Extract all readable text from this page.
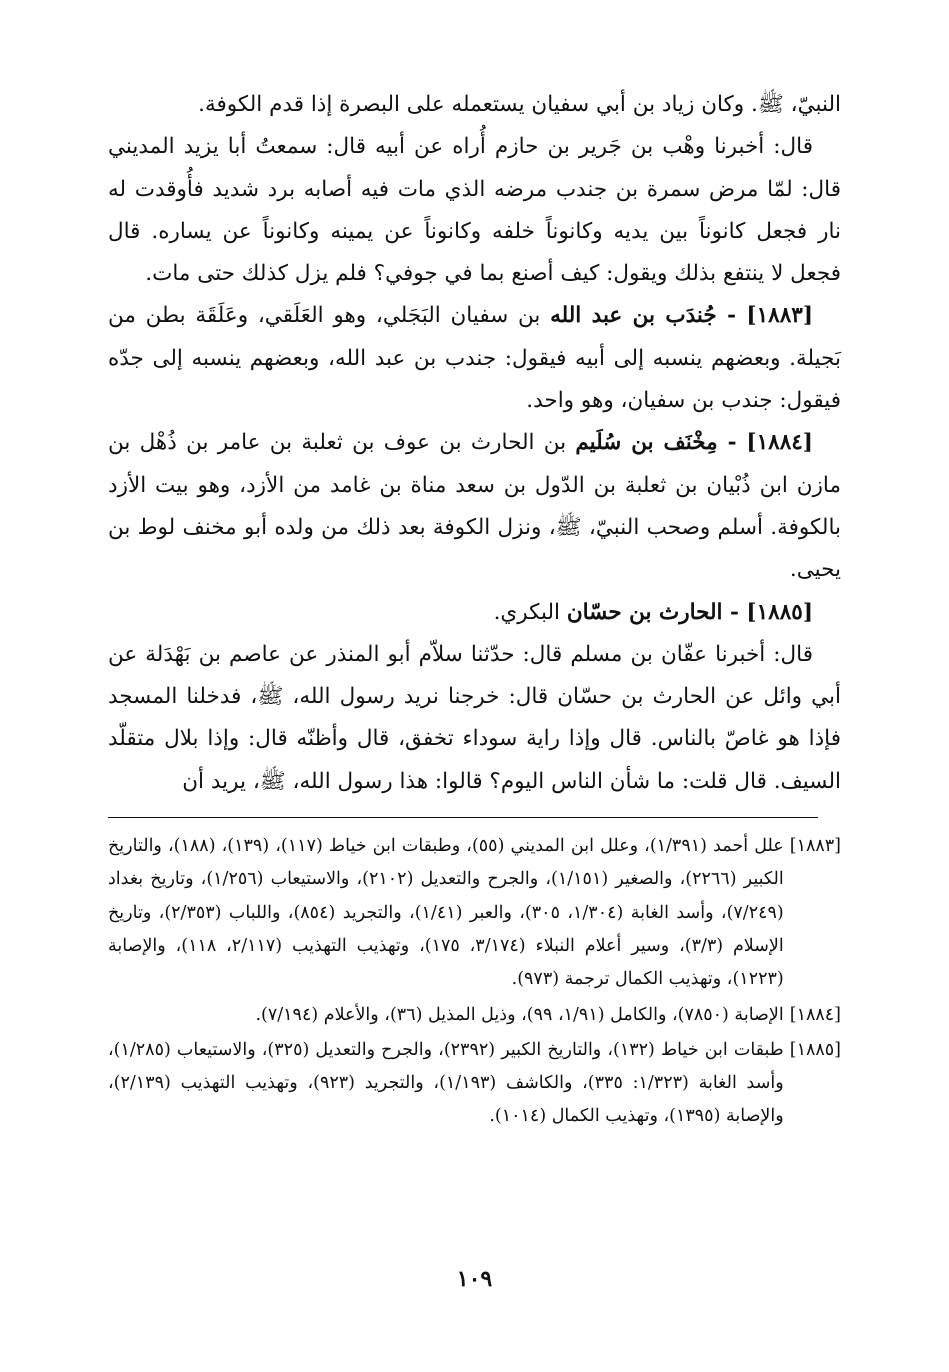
النبيّ، ﷺ. وكان زياد بن أبي سفيان يستعمله على البصرة إذا قدم الكوفة.

قال: أخبرنا وهْب بن جَرير بن حازم أُراه عن أبيه قال: سمعتُ أبا يزيد المديني قال: لمّا مرض سمرة بن جندب مرضه الذي مات فيه أصابه برد شديد فأُوقدت له نار فجعل كانوناً بين يديه وكانوناً خلفه وكانوناً عن يمينه وكانوناً عن يساره. قال فجعل لا ينتفع بذلك ويقول: كيف أصنع بما في جوفي؟ فلم يزل كذلك حتى مات.

[١٨٨٣] - جُندَب بن عبد الله بن سفيان البَجَلي، وهو العَلَقي، وعَلَقَة بطن من بَجيلة. وبعضهم ينسبه إلى أبيه فيقول: جندب بن عبد الله، وبعضهم ينسبه إلى جدّه فيقول: جندب بن سفيان، وهو واحد.

[١٨٨٤] - مِخْنَف بن سُلَيم بن الحارث بن عوف بن ثعلبة بن عامر بن ذُهْل بن مازن ابن ذُبْيان بن ثعلبة بن الدّول بن سعد مناة بن غامد من الأزد، وهو بيت الأزد بالكوفة. أسلم وصحب النبيّ، ﷺ، ونزل الكوفة بعد ذلك من ولده أبو مخنف لوط بن يحيى.

[١٨٨٥] - الحارث بن حسّان البكري.

قال: أخبرنا عفّان بن مسلم قال: حدّثنا سلاّم أبو المنذر عن عاصم بن بَهْدَلة عن أبي وائل عن الحارث بن حسّان قال: خرجنا نريد رسول الله، ﷺ، فدخلنا المسجد فإذا هو غاصّ بالناس. قال وإذا راية سوداء تخفق، قال وأظنّه قال: وإذا بلال متقلّد السيف. قال قلت: ما شأن الناس اليوم؟ قالوا: هذا رسول الله، ﷺ، يريد أن

[١٨٨٣]
علل أحمد (١/٣٩١)، وعلل ابن المديني (٥٥)، وطبقات ابن خياط (١١٧)، (١٣٩)، (١٨٨)، والتاريخ الكبير (٢٢٦٦)، والصغير (١/١٥١)، والجرح والتعديل (٢١٠٢)، والاستيعاب (١/٢٥٦)، وتاريخ بغداد (٧/٢٤٩)، وأسد الغابة (١/٣٠٤، ٣٠٥)، والعبر (١/٤١)، والتجريد (٨٥٤)، واللباب (٢/٣٥٣)، وتاريخ الإسلام (٣/٣)، وسير أعلام النبلاء (٣/١٧٤، ١٧٥)، وتهذيب التهذيب (٢/١١٧، ١١٨)، والإصابة (١٢٢٣)، وتهذيب الكمال ترجمة (٩٧٣).
[١٨٨٤]
الإصابة (٧٨٥٠)، والكامل (١/٩١، ٩٩)، وذيل المذيل (٣٦)، والأعلام (٧/١٩٤).
[١٨٨٥]
طبقات ابن خياط (١٣٢)، والتاريخ الكبير (٢٣٩٢)، والجرح والتعديل (٣٢٥)، والاستيعاب (١/٢٨٥)، وأسد الغابة (١/٣٢٣: ٣٣٥)، والكاشف (١/١٩٣)، والتجريد (٩٢٣)، وتهذيب التهذيب (٢/١٣٩)، والإصابة (١٣٩٥)، وتهذيب الكمال (١٠١٤).
١٠٩
